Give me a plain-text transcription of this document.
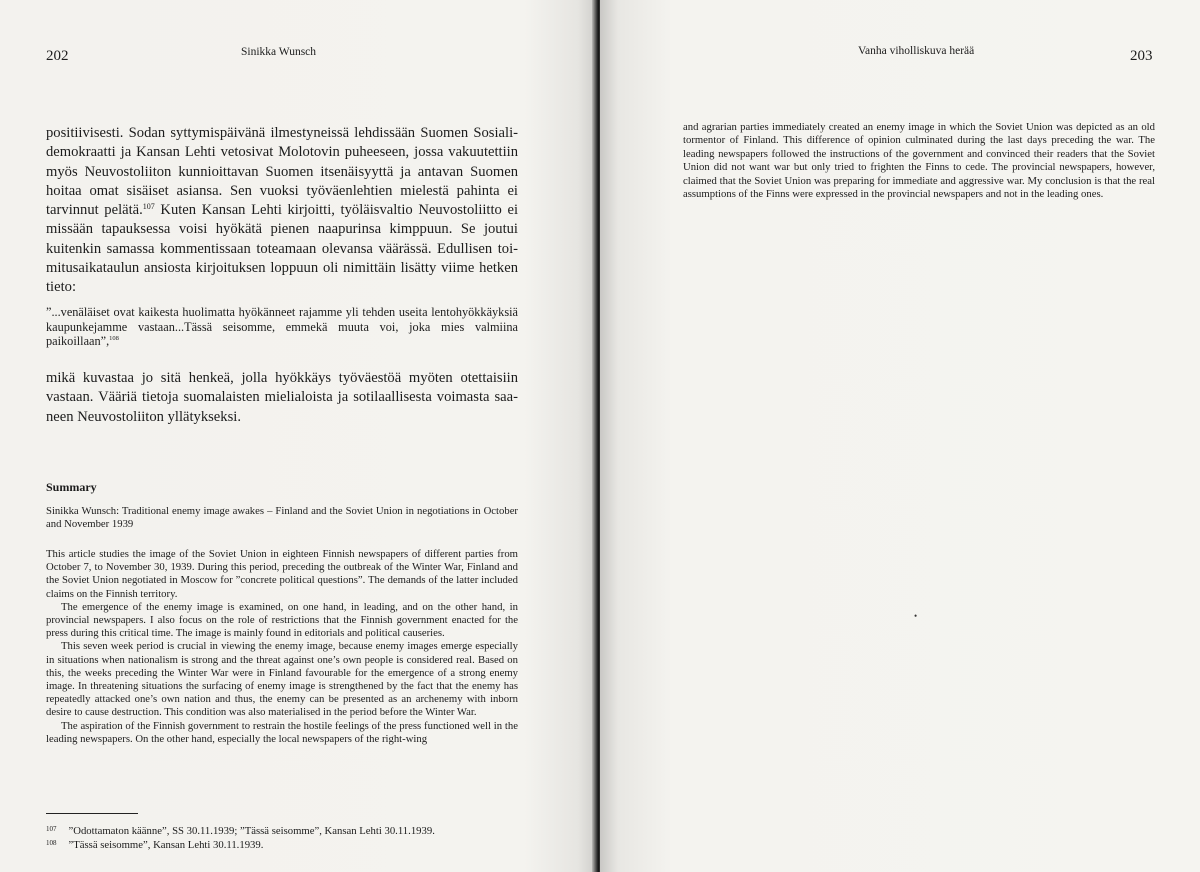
202	Sinikka Wunsch

positiivisesti. Sodan syttymispäivänä ilmestyneissä lehdissään Suomen Sosialidemokraatti ja Kansan Lehti vetosivat Molotovin puheeseen, jossa vakuutettiin myös Neuvostoliiton kunnioittavan Suomen itsenäisyyttä ja antavan Suomen hoitaa omat sisäiset asiansa. Sen vuoksi työväenlehtien mielestä pahinta ei tarvinnut pelätä.$^{107}$ Kuten Kansan Lehti kirjoitti, työläisvaltio Neuvostoliitto ei missään tapauksessa voisi hyökätä pienen naapurinsa kimppuun. Se joutui kuitenkin samassa kommentissaan toteamaan olevansa väärässä. Edullisen toimitusaikataulun ansiosta kirjoituksen loppuun oli nimittäin lisätty viime hetken tieto:

”...venäläiset ovat kaikesta huolimatta hyökänneet rajamme yli tehden useita lentohyökkäyksiä kaupunkejamme vastaan...Tässä seisomme, emmekä muuta voi, joka mies valmiina paikoillaan”,$^{108}$

mikä kuvastaa jo sitä henkeä, jolla hyökkäys työväestöä myöten otettaisiin vastaan. Vääriä tietoja suomalaisten mielialoista ja sotilaallisesta voimasta saaneen Neuvostoliiton yllätykseksi.

Summary
Sinikka Wunsch: Traditional enemy image awakes – Finland and the Soviet Union in negotiations in October and November 1939

This article studies the image of the Soviet Union in eighteen Finnish newspapers of different parties from October 7, to November 30, 1939. During this period, preceding the outbreak of the Winter War, Finland and the Soviet Union negotiated in Moscow for ”concrete political questions”. The demands of the latter included claims on the Finnish territory.

The emergence of the enemy image is examined, on one hand, in leading, and on the other hand, in provincial newspapers. I also focus on the role of restrictions that the Finnish government enacted for the press during this critical time. The image is mainly found in editorials and political causeries.

This seven week period is crucial in viewing the enemy image, because enemy images emerge especially in situations when nationalism is strong and the threat against one’s own people is considered real. Based on this, the weeks preceding the Winter War were in Finland favourable for the emergence of a strong enemy image. In threatening situations the surfacing of enemy image is strengthened by the fact that the enemy has repeatedly attacked one’s own nation and thus, the enemy can be presented as an archenemy with inborn desire to cause destruction. This condition was also materialised in the period before the Winter War.

The aspiration of the Finnish government to restrain the hostile feelings of the press functioned well in the leading newspapers. On the other hand, especially the local newspapers of the right-wing

$^{107}$ ”Odottamaton käänne”, SS 30.11.1939; ”Tässä seisomme”, Kansan Lehti 30.11.1939.
$^{108}$ ”Tässä seisomme”, Kansan Lehti 30.11.1939.
Vanha viholliskuva herää	203

and agrarian parties immediately created an enemy image in which the Soviet Union was depicted as an old tormentor of Finland. This difference of opinion culminated during the last days preceding the war. The leading newspapers followed the instructions of the government and convinced their readers that the Soviet Union did not want war but only tried to frighten the Finns to cede. The provincial newspapers, however, claimed that the Soviet Union was preparing for immediate and aggressive war. My conclusion is that the real assumptions of the Finns were expressed in the provincial newspapers and not in the leading ones.

•
